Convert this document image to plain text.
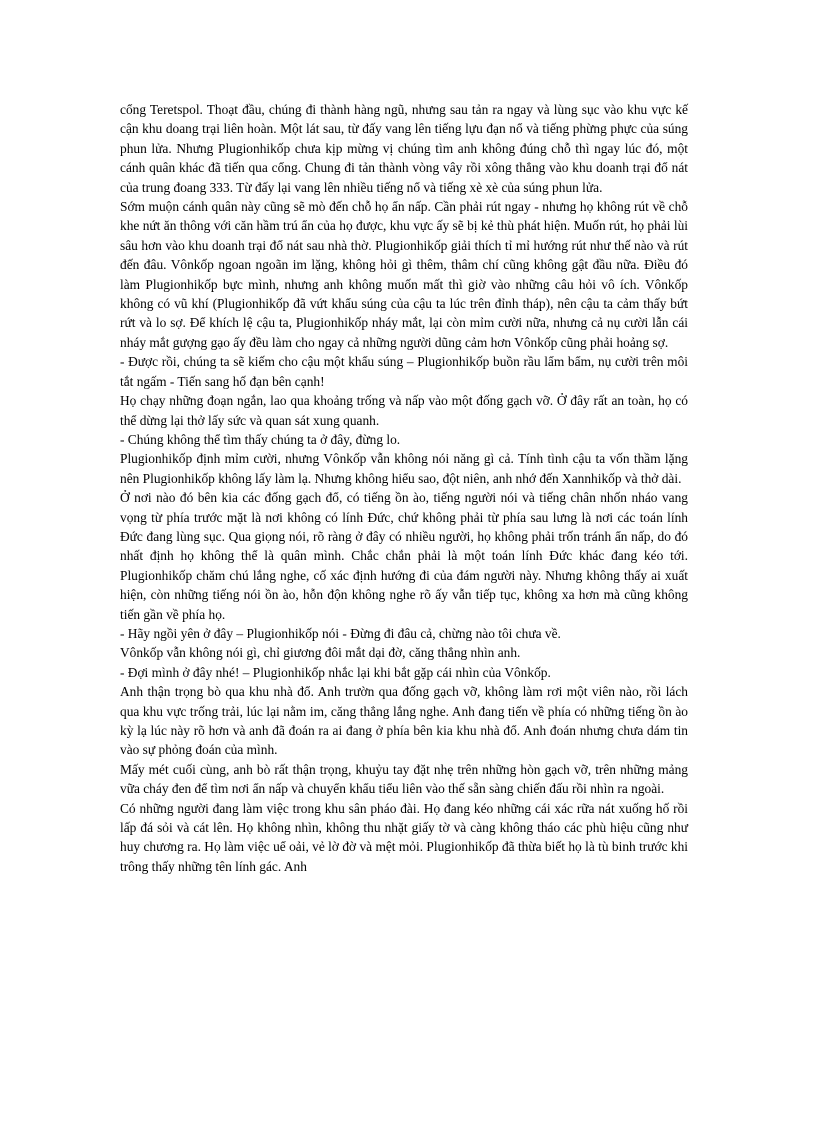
cổng Teretspol. Thoạt đầu, chúng đi thành hàng ngũ, nhưng sau tản ra ngay và lùng sục vào khu vực kế cận khu doang trại liên hoàn. Một lát sau, từ đấy vang lên tiếng lựu đạn nổ và tiếng phừng phực của súng phun lửa. Nhưng Plugionhikốp chưa kịp mừng vị chúng tìm anh không đúng chỗ thì ngay lúc đó, một cánh quân khác đã tiến qua cổng. Chung đi tản thành vòng vây rồi xông thẳng vào khu doanh trại đổ nát của trung đoang 333. Từ đấy lại vang lên nhiều tiếng nổ và tiếng xè xè của súng phun lửa.

Sớm muộn cánh quân này cũng sẽ mò đến chỗ họ ẩn nấp. Cần phải rút ngay - nhưng họ không rút về chỗ khe nứt ăn thông với căn hầm trú ẩn của họ được, khu vực ấy sẽ bị kẻ thù phát hiện. Muốn rút, họ phải lùi sâu hơn vào khu doanh trại đổ nát sau nhà thờ. Plugionhikốp giải thích tỉ mỉ hướng rút như thế nào và rút đến đâu. Vônkốp ngoan ngoãn im lặng, không hỏi gì thêm, thâm chí cũng không gật đầu nữa. Điều đó làm Plugionhikốp bực mình, nhưng anh không muốn mất thì giờ vào những câu hỏi vô ích. Vônkốp không có vũ khí (Plugionhikốp đã vứt khẩu súng của cậu ta lúc trên đỉnh tháp), nên cậu ta cảm thấy bứt rứt và lo sợ. Để khích lệ cậu ta, Plugionhikốp nháy mắt, lại còn mỉm cười nữa, nhưng cả nụ cười lẫn cái nháy mắt gượng gạo ấy đều làm cho ngay cả những người dũng cảm hơn Vônkốp cũng phải hoảng sợ.

- Được rồi, chúng ta sẽ kiếm cho cậu một khẩu súng – Plugionhikốp buồn rầu lẩm bẩm, nụ cười trên môi tắt ngấm - Tiến sang hố đạn bên cạnh!

Họ chạy những đoạn ngắn, lao qua khoảng trống và nấp vào một đống gạch vỡ. Ở đây rất an toàn, họ có thể dừng lại thở lấy sức và quan sát xung quanh.

- Chúng không thể tìm thấy chúng ta ở đây, đừng lo.

Plugionhikốp định mỉm cười, nhưng Vônkốp vẫn không nói năng gì cả. Tính tình cậu ta vốn thầm lặng nên Plugionhikốp không lấy làm lạ. Nhưng không hiểu sao, đột niên, anh nhớ đến Xannhikốp và thở dài.

Ở nơi nào đó bên kia các đống gạch đổ, có tiếng ồn ào, tiếng người nói và tiếng chân nhốn nháo vang vọng từ phía trước mặt là nơi không có lính Đức, chứ không phải từ phía sau lưng là nơi các toán lính Đức đang lùng sục. Qua giọng nói, rõ ràng ở đây có nhiều người, họ không phải trốn tránh ẩn nấp, do đó nhất định họ không thể là quân mình. Chắc chắn phải là một toán lính Đức khác đang kéo tới. Plugionhikốp chăm chú lắng nghe, cố xác định hướng đi của đám người này. Nhưng không thấy ai xuất hiện, còn những tiếng nói ồn ào, hỗn độn không nghe rõ ấy vẫn tiếp tục, không xa hơn mà cũng không tiến gần về phía họ.

- Hãy ngồi yên ở đây – Plugionhikốp nói - Đừng đi đâu cả, chừng nào tôi chưa về.

Vônkốp vẫn không nói gì, chỉ giương đôi mắt dại đờ, căng thẳng nhìn anh.

- Đợi mình ở đây nhé! – Plugionhikốp nhắc lại khi bắt gặp cái nhìn của Vônkốp.

Anh thận trọng bò qua khu nhà đổ. Anh trườn qua đống gạch vỡ, không làm rơi một viên nào, rồi lách qua khu vực trống trải, lúc lại nằm im, căng thẳng lắng nghe. Anh đang tiến về phía có những tiếng ồn ào kỳ lạ lúc này rõ hơn và anh đã đoán ra ai đang ở phía bên kia khu nhà đổ. Anh đoán nhưng chưa dám tin vào sự phỏng đoán của mình.

Mấy mét cuối cùng, anh bò rất thận trọng, khuỷu tay đặt nhẹ trên những hòn gạch vỡ, trên những mảng vữa cháy đen để tìm nơi ẩn nấp và chuyển khẩu tiểu liên vào thế sẵn sàng chiến đấu rồi nhìn ra ngoài.

Có những người đang làm việc trong khu sân pháo đài. Họ đang kéo những cái xác rữa nát xuống hố rồi lấp đá sỏi và cát lên. Họ không nhìn, không thu nhặt giấy tờ và càng không tháo các phù hiệu cũng như huy chương ra. Họ làm việc uể oải, vẻ lờ đờ và mệt mỏi. Plugionhikốp đã thừa biết họ là tù binh trước khi trông thấy những tên lính gác. Anh
